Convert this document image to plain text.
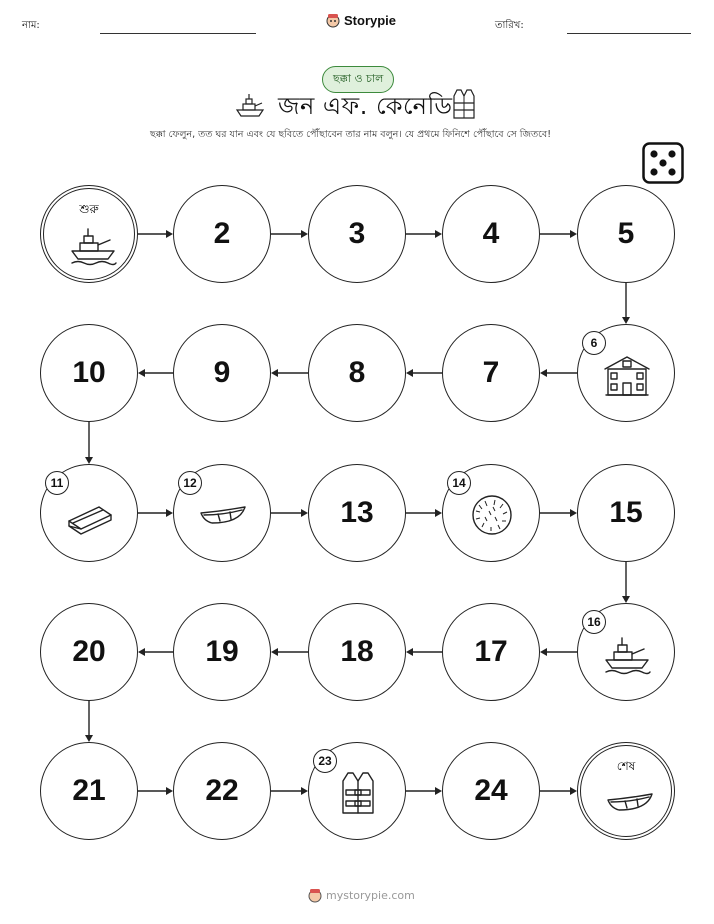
নাম:	Storypie	তারিখ:
ছক্কা ও চাল
জন এফ. কেনেডি
ছক্কা ফেলুন, তত ঘর যান এবং যে ছবিতে পৌঁছাবেন তার নাম বলুন। যে প্রথমে ফিনিশে পৌঁছাবে সে জিতবে!
শুরু
2	3	4	5
6
7
8
9
10
11	12
13
14
15
16
17
18
19
20
21	22
23
24
শেষ
mystorypie.com
